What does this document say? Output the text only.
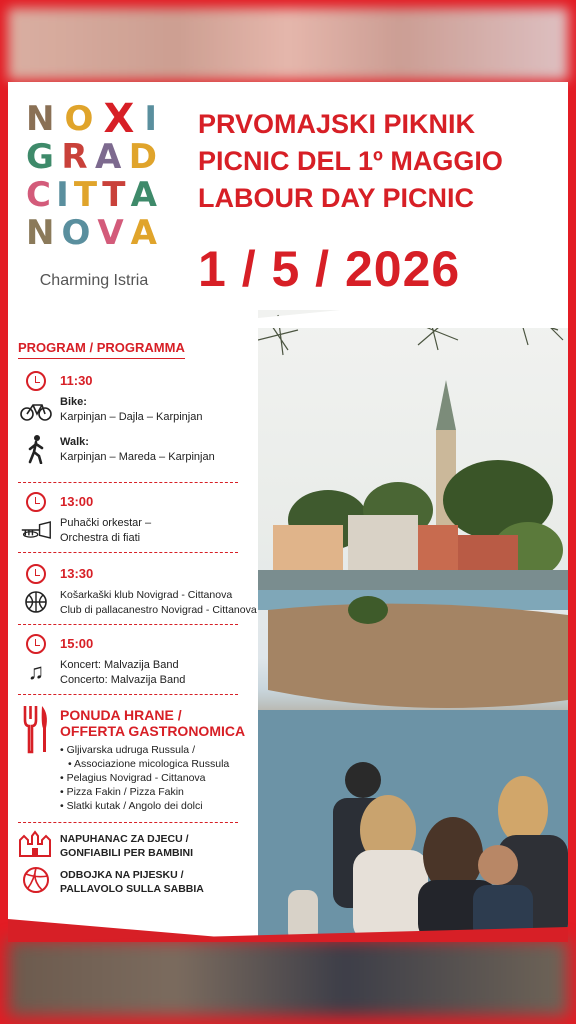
N O X I
G R A D
C I T T A
N O V A
Charming Istria
PRVOMAJSKI PIKNIK
PICNIC DEL 1º MAGGIO
LABOUR DAY PICNIC
1 / 5 / 2026
PROGRAM / PROGRAMMA
11:30
Bike:
Karpinjan – Dajla – Karpinjan
Walk:
Karpinjan – Mareda – Karpinjan
13:00
Puhački orkestar –
Orchestra di fiati
13:30
Košarkaški klub Novigrad - Cittanova
Club di pallacanestro Novigrad - Cittanova
15:00
♫	Koncert: Malvazija Band
Concerto: Malvazija Band
PONUDA HRANE /
OFFERTA GASTRONOMICA
• Gljivarska udruga Russula /
• Associazione micologica Russula
• Pelagius Novigrad - Cittanova
• Pizza Fakin / Pizza Fakin
• Slatki kutak / Angolo dei dolci
NAPUHANAC ZA DJECU /
GONFIABILI PER BAMBINI
ODBOJKA NA PIJESKU /
PALLAVOLO SULLA SABBIA
